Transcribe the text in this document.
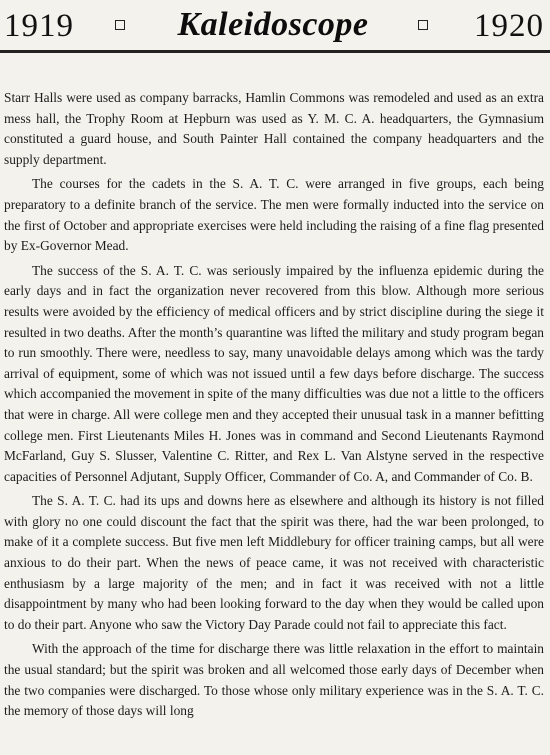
1919	Kaleidoscope	1920

Starr Halls were used as company barracks, Hamlin Commons was remodeled and used as an extra mess hall, the Trophy Room at Hepburn was used as Y. M. C. A. headquarters, the Gymnasium constituted a guard house, and South Painter Hall contained the company headquarters and the supply department.

The courses for the cadets in the S. A. T. C. were arranged in five groups, each being preparatory to a definite branch of the service. The men were formally inducted into the service on the first of October and appropriate exercises were held including the raising of a fine flag presented by Ex-Governor Mead.

The success of the S. A. T. C. was seriously impaired by the influenza epidemic during the early days and in fact the organization never recovered from this blow. Although more serious results were avoided by the efficiency of medical officers and by strict discipline during the siege it resulted in two deaths. After the month’s quarantine was lifted the military and study program began to run smoothly. There were, needless to say, many unavoidable delays among which was the tardy arrival of equipment, some of which was not issued until a few days before discharge. The success which accompanied the movement in spite of the many difficulties was due not a little to the officers that were in charge. All were college men and they accepted their unusual task in a manner befitting college men. First Lieutenants Miles H. Jones was in command and Second Lieutenants Raymond McFarland, Guy S. Slusser, Valentine C. Ritter, and Rex L. Van Alstyne served in the respective capacities of Personnel Adjutant, Supply Officer, Commander of Co. A, and Commander of Co. B.

The S. A. T. C. had its ups and downs here as elsewhere and although its history is not filled with glory no one could discount the fact that the spirit was there, had the war been prolonged, to make of it a complete success. But five men left Middlebury for officer training camps, but all were anxious to do their part. When the news of peace came, it was not received with characteristic enthusiasm by a large majority of the men; and in fact it was received with not a little disappointment by many who had been looking forward to the day when they would be called upon to do their part. Anyone who saw the Victory Day Parade could not fail to appreciate this fact.

With the approach of the time for discharge there was little relaxation in the effort to maintain the usual standard; but the spirit was broken and all welcomed those early days of December when the two companies were discharged. To those whose only military experience was in the S. A. T. C. the memory of those days will long
